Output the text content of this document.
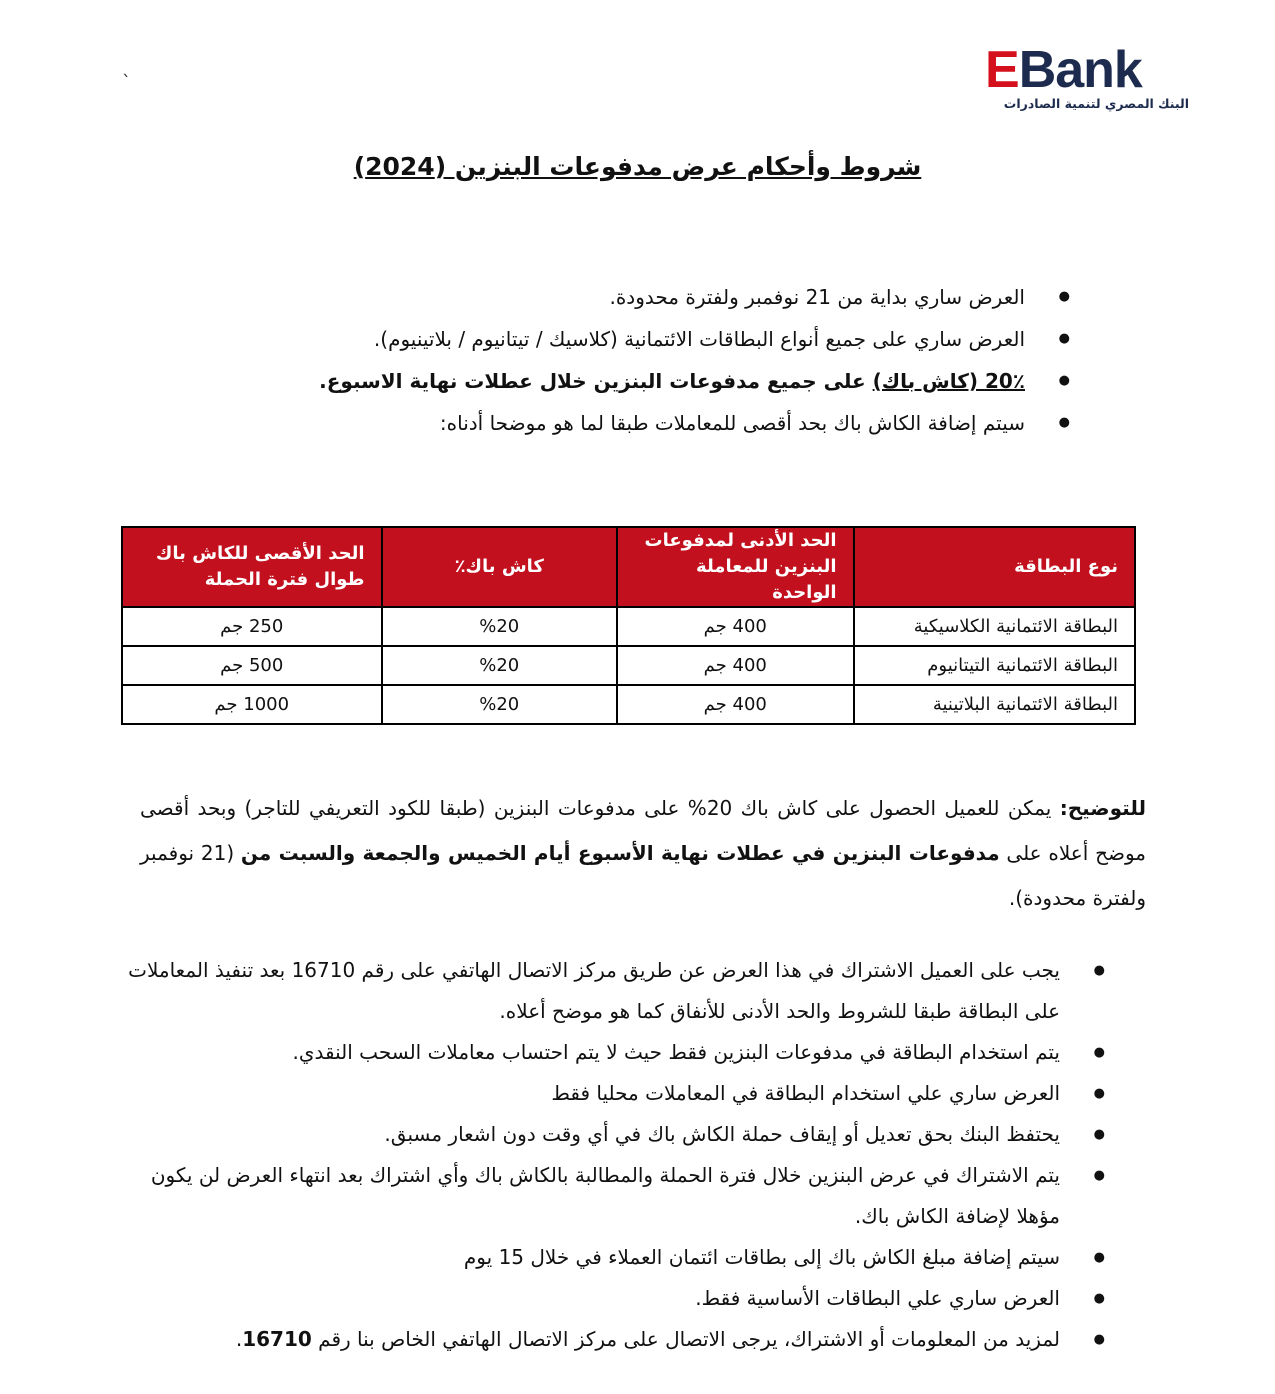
`	EBank
البنك المصري لتنمية الصادرات
شروط وأحكام عرض مدفوعات البنزين (2024)
● العرض ساري بداية من 21 نوفمبر ولفترة محدودة.
● العرض ساري على جميع أنواع البطاقات الائتمانية (كلاسيك / تيتانيوم / بلاتينيوم).
● 20٪ (كاش باك) على جميع مدفوعات البنزين خلال عطلات نهاية الاسبوع.
● سيتم إضافة الكاش باك بحد أقصى للمعاملات طبقا لما هو موضحا أدناه:
نوع البطاقة	الحد الأدنى لمدفوعات البنزين للمعاملة الواحدة	كاش باك٪	الحد الأقصى للكاش باك طوال فترة الحملة
البطاقة الائتمانية الكلاسيكية	400 جم	%20	250 جم
البطاقة الائتمانية التيتانيوم	400 جم	%20	500 جم
البطاقة الائتمانية البلاتينية	400 جم	%20	1000 جم
للتوضيح: يمكن للعميل الحصول على كاش باك 20% على مدفوعات البنزين (طبقا للكود التعريفي للتاجر) وبحد أقصى موضح أعلاه على مدفوعات البنزين في عطلات نهاية الأسبوع أيام الخميس والجمعة والسبت من (21 نوفمبر ولفترة محدودة).
● يجب على العميل الاشتراك في هذا العرض عن طريق مركز الاتصال الهاتفي على رقم 16710 بعد تنفيذ المعاملات على البطاقة طبقا للشروط والحد الأدنى للأنفاق كما هو موضح أعلاه.
● يتم استخدام البطاقة في مدفوعات البنزين فقط حيث لا يتم احتساب معاملات السحب النقدي.
● العرض ساري علي استخدام البطاقة في المعاملات محليا فقط
● يحتفظ البنك بحق تعديل أو إيقاف حملة الكاش باك في أي وقت دون اشعار مسبق.
● يتم الاشتراك في عرض البنزين خلال فترة الحملة والمطالبة بالكاش باك وأي اشتراك بعد انتهاء العرض لن يكون مؤهلا لإضافة الكاش باك.
● سيتم إضافة مبلغ الكاش باك إلى بطاقات ائتمان العملاء في خلال 15 يوم
● العرض ساري علي البطاقات الأساسية فقط.
● لمزيد من المعلومات أو الاشتراك، يرجى الاتصال على مركز الاتصال الهاتفي الخاص بنا رقم 16710.
